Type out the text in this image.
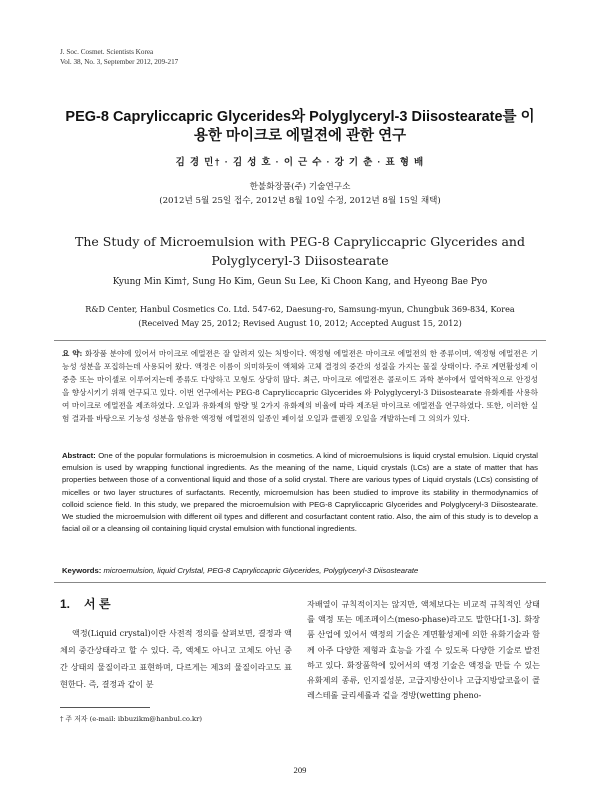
J. Soc. Cosmet. Scientists Korea
Vol. 38, No. 3, September 2012, 209-217
PEG-8 Caprylic​capric Glycerides와 Polyglyceryl-3 Diisostearate를 이용한 마이크로 에멀젼에 관한 연구
김 경 민† · 김 성 호 · 이 근 수 · 강 기 춘 · 표 형 배
한불화장품(주) 기술연구소
(2012년 5월 25일 접수, 2012년 8월 10일 수정, 2012년 8월 15일 채택)
The Study of Microemulsion with PEG-8 Caprylic​capric Glycerides and Polyglyceryl-3 Diisostearate
Kyung Min Kim†, Sung Ho Kim, Geun Su Lee, Ki Choon Kang, and Hyeong Bae Pyo
R&D Center, Hanbul Cosmetics Co. Ltd. 547-62, Daesung-ro, Samsung-myun, Chungbuk 369-834, Korea
(Received May 25, 2012; Revised August 10, 2012; Accepted August 15, 2012)
요 약: 화장품 분야에 있어서 마이크로 에멀젼은 잘 알려져 있는 처방이다. 액정형 에멀젼은 마이크로 에멀젼의 한 종류이며, 액정형 에멀젼은 기능성 성분을 포집하는데 사용되어 왔다. 액정은 이름이 의미하듯이 액체와 고체 결정의 중간의 성질을 가지는 물질 상태이다. 주로 계면활성제 이중층 또는 마이셀로 이루어지는데 종류도 다양하고 모형도 상당히 많다. 최근, 마이크로 에멀젼은 콜로이드 과학 분야에서 열역학적으로 안정성을 향상시키기 위해 연구되고 있다. 이번 연구에서는 PEG-8 Caprylic​capric Glycerides 와 Polyglyceryl-3 Diisostearate 유화제를 사용하여 마이크로 에멀젼을 제조하였다. 오일과 유화제의 함량 및 2가지 유화제의 비율에 따라 제조된 마이크로 에멀젼을 연구하였다. 또한, 이러한 실험 결과를 바탕으로 기능성 성분을 함유한 액정형 에멀젼의 일종인 페이셜 오일과 클렌징 오일을 개발하는데 그 의의가 있다.
Abstract: One of the popular formulations is microemulsion in cosmetics. A kind of microemulsions is liquid crystal emulsion. Liquid crystal emulsion is used by wrapping functional ingredients. As the meaning of the name, Liquid crystals (LCs) are a state of matter that has properties between those of a conventional liquid and those of a solid crystal. There are various types of Liquid crystals (LCs) consisting of micelles or two layer structures of surfactants. Recently, microemulsion has been studied to improve its stability in thermodynamics of colloid science field. In this study, we prepared the microemulsion with PEG-8 Caprylic​capric Glycerides and Polyglyceryl-3 Diisostearate. We studied the microemulsion with different oil types and different and cosurfactant content ratio. Also, the aim of this study is to develop a facial oil or a cleansing oil containing liquid crystal emulsion with functional ingredients.
Keywords: microemulsion, liquid Crylstal, PEG-8 Caprylic​capric Glycerides, Polyglyceryl-3 Diisostearate
1. 서 론
액정(Liquid crystal)이란 사전적 정의를 살펴보면, 결정과 액체의 중간상태라고 할 수 있다. 즉, 액체도 아니고 고체도 아닌 중간 상태의 물질이라고 표현하며, 다르게는 제3의 물질이라고도 표현한다. 즉, 결정과 같이 분
자배열이 규칙적이지는 않지만, 액체보다는 비교적 규칙적인 상태를 액정 또는 메조페이스(meso-phase)라고도 말한다[1-3]. 화장품 산업에 있어서 액정의 기술은 계면활성제에 의한 유화기술과 함께 아주 다양한 제형과 효능을 가질 수 있도록 다양한 기술로 발전하고 있다. 화장품학에 있어서의 액정 기술은 액정을 만들 수 있는 유화제의 종류, 인지질성분, 고급지방산이나 고급지방알코올이 콜레스테롤 글리세롤과 겉을 경방(wetting pheno-
† 주 저자 (e-mail: ibbuzikm@hanbul.co.kr)
209
